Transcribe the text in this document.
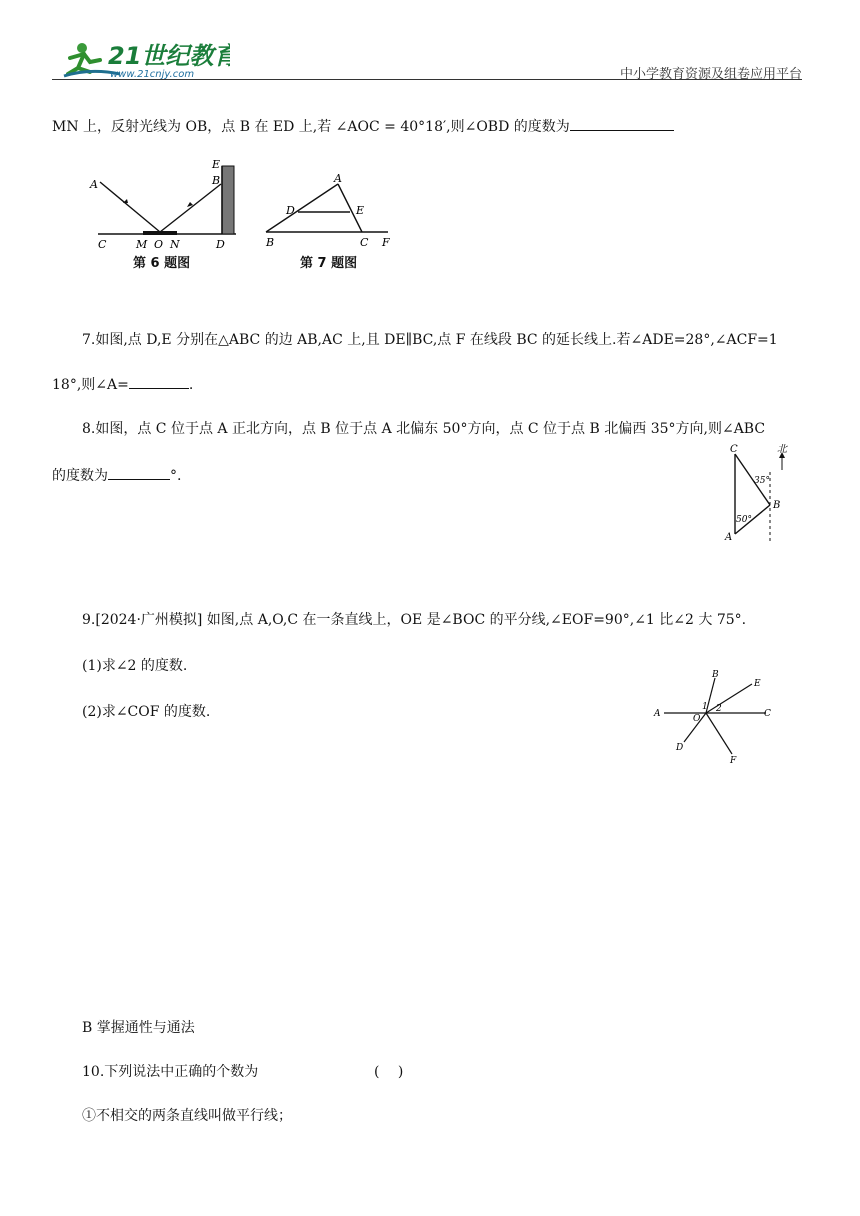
21世纪教育
www.21cnjy.com	中小学教育资源及组卷应用平台
MN 上，反射光线为 OB，点 B 在 ED 上,若 ∠AOC = 40°18′,则∠OBD 的度数为
A	B
E
C	M O N	D
第 6 题图
A
D	E
B	C F
第 7 题图
7.如图,点 D,E 分别在△ABC 的边 AB,AC 上,且 DE∥BC,点 F 在线段 BC 的延长线上.若∠ADE=28°,∠ACF=1
18°,则∠A=	.
8.如图，点 C 位于点 A 正北方向，点 B 位于点 A 北偏东 50°方向，点 C 位于点 B 北偏西 35°方向,则∠ABC
的度数为	°.
C
B
A
北
35°
50°
9.[2024·广州模拟] 如图,点 A,O,C 在一条直线上，OE 是∠BOC 的平分线,∠EOF=90°,∠1 比∠2 大 75°.
(1)求∠2 的度数.
(2)求∠COF 的度数.	A
B
E
C
D
F
O
1 2
B 掌握通性与通法
10.下列说法中正确的个数为	(　 )
①不相交的两条直线叫做平行线；
